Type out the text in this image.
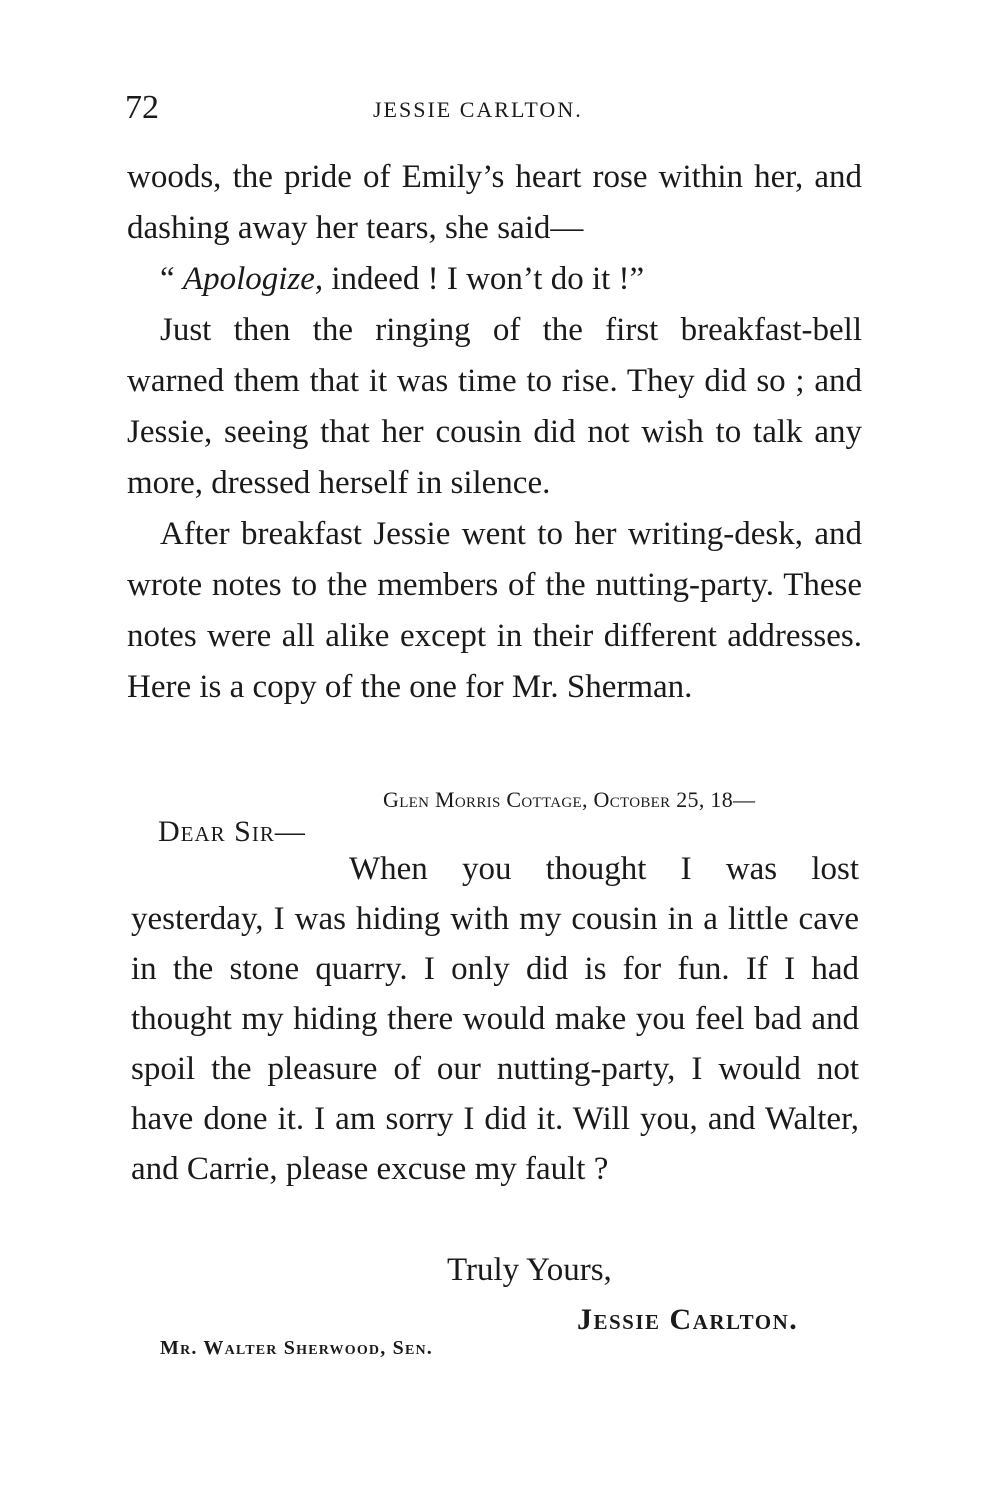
72	JESSIE CARLTON.

woods, the pride of Emily’s heart rose within her, and dashing away her tears, she said—

“ Apologize, indeed ! I won’t do it !”

Just then the ringing of the first breakfast-bell warned them that it was time to rise. They did so ; and Jessie, seeing that her cousin did not wish to talk any more, dressed herself in silence.

After breakfast Jessie went to her writing-desk, and wrote notes to the members of the nutting-party. These notes were all alike except in their different addresses. Here is a copy of the one for Mr. Sherman.

Glen Morris Cottage, October 25, 18—
Dear Sir—

When you thought I was lost yesterday, I was hiding with my cousin in a little cave in the stone quarry. I only did is for fun. If I had thought my hiding there would make you feel bad and spoil the pleasure of our nutting-party, I would not have done it. I am sorry I did it. Will you, and Walter, and Carrie, please excuse my fault ?

Truly Yours,
Jessie Carlton.
Mr. Walter Sherwood, Sen.
